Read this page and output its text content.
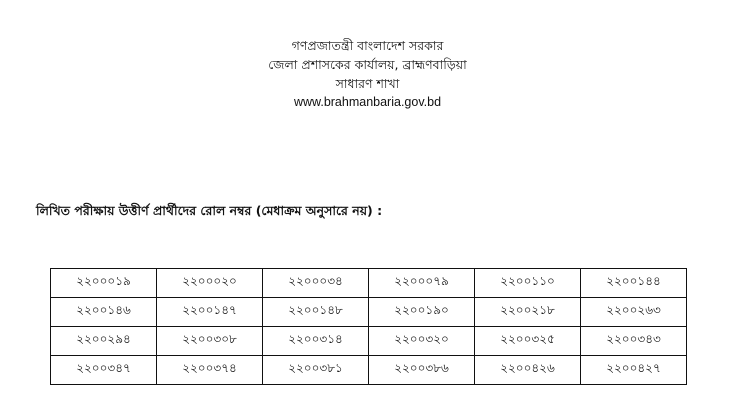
গণপ্রজাতন্ত্রী বাংলাদেশ সরকার
জেলা প্রশাসকের কার্যালয়, ব্রাহ্মণবাড়িয়া
সাধারণ শাখা
www.brahmanbaria.gov.bd
লিখিত পরীক্ষায় উত্তীর্ণ প্রার্থীদের রোল নম্বর (মেধাক্রম অনুসারে নয়) :
২২০০০১৯	২২০০০২০	২২০০০৩৪	২২০০০৭৯	২২০০১১০	২২০০১৪৪
২২০০১৪৬	২২০০১৪৭	২২০০১৪৮	২২০০১৯০	২২০০২১৮	২২০০২৬৩
২২০০২৯৪	২২০০৩০৮	২২০০৩১৪	২২০০৩২০	২২০০৩২৫	২২০০৩৪৩
২২০০৩৪৭	২২০০৩৭৪	২২০০৩৮১	২২০০৩৮৬	২২০০৪২৬	২২০০৪২৭
